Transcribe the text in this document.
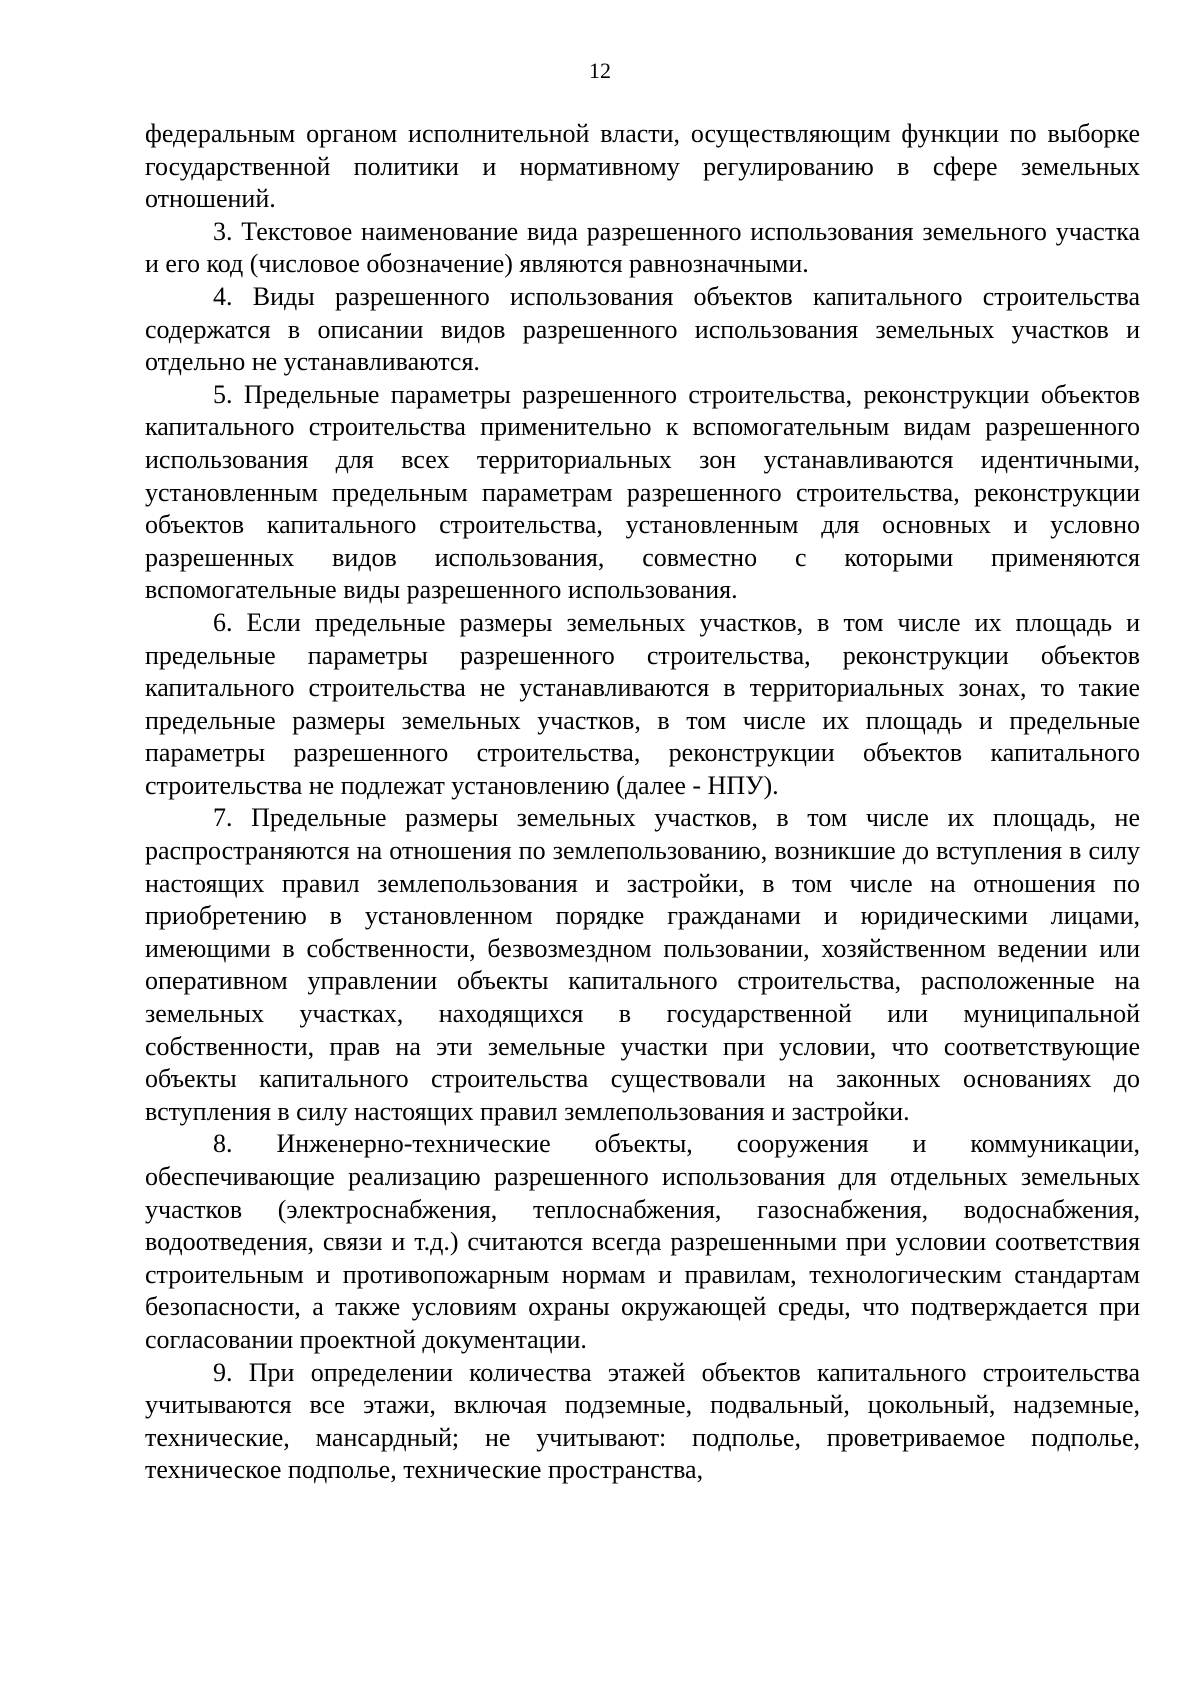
12

федеральным органом исполнительной власти, осуществляющим функции по выборке государственной политики и нормативному регулированию в сфере земельных отношений.

3. Текстовое наименование вида разрешенного использования земельного участка и его код (числовое обозначение) являются равнозначными.

4. Виды разрешенного использования объектов капитального строительства содержатся в описании видов разрешенного использования земельных участков и отдельно не устанавливаются.

5. Предельные параметры разрешенного строительства, реконструкции объектов капитального строительства применительно к вспомогательным видам разрешенного использования для всех территориальных зон устанавливаются идентичными, установленным предельным параметрам разрешенного строительства, реконструкции объектов капитального строительства, установленным для основных и условно разрешенных видов использования, совместно с которыми применяются вспомогательные виды разрешенного использования.

6. Если предельные размеры земельных участков, в том числе их площадь и предельные параметры разрешенного строительства, реконструкции объектов капитального строительства не устанавливаются в территориальных зонах, то такие предельные размеры земельных участков, в том числе их площадь и предельные параметры разрешенного строительства, реконструкции объектов капитального строительства не подлежат установлению (далее - НПУ).

7. Предельные размеры земельных участков, в том числе их площадь, не распространяются на отношения по землепользованию, возникшие до вступления в силу настоящих правил землепользования и застройки, в том числе на отношения по приобретению в установленном порядке гражданами и юридическими лицами, имеющими в собственности, безвозмездном пользовании, хозяйственном ведении или оперативном управлении объекты капитального строительства, расположенные на земельных участках, находящихся в государственной или муниципальной собственности, прав на эти земельные участки при условии, что соответствующие объекты капитального строительства существовали на законных основаниях до вступления в силу настоящих правил землепользования и застройки.

8. Инженерно-технические объекты, сооружения и коммуникации, обеспечивающие реализацию разрешенного использования для отдельных земельных участков (электроснабжения, теплоснабжения, газоснабжения, водоснабжения, водоотведения, связи и т.д.) считаются всегда разрешенными при условии соответствия строительным и противопожарным нормам и правилам, технологическим стандартам безопасности, а также условиям охраны окружающей среды, что подтверждается при согласовании проектной документации.

9. При определении количества этажей объектов капитального строительства учитываются все этажи, включая подземные, подвальный, цокольный, надземные, технические, мансардный; не учитывают: подполье, проветриваемое подполье, техническое подполье, технические пространства,
